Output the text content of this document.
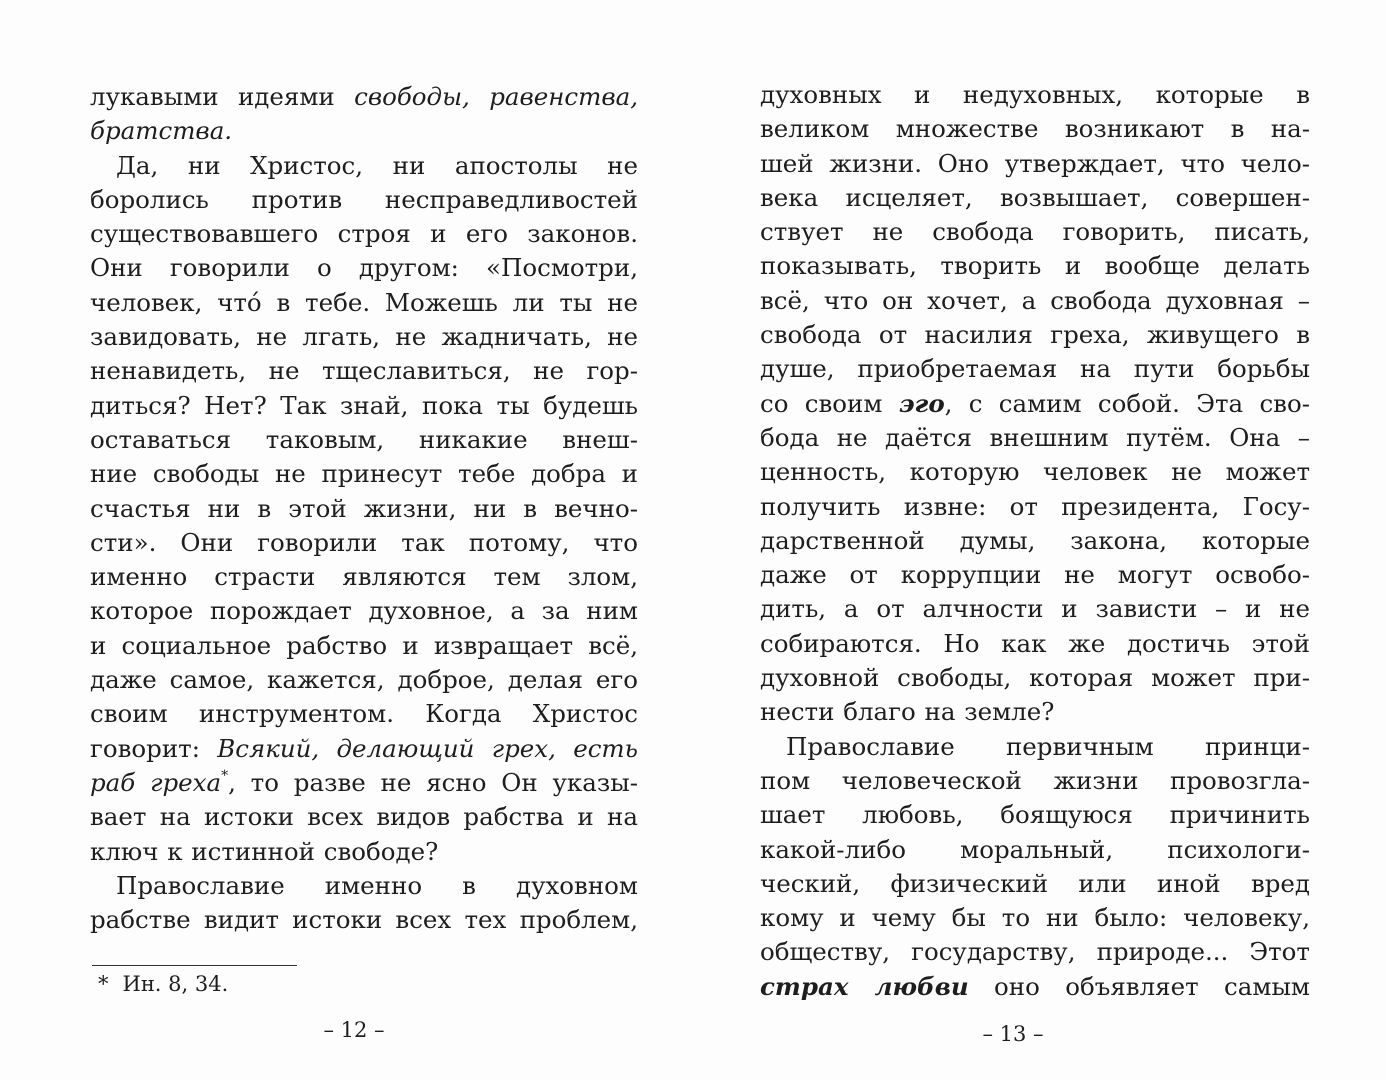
лукавыми идеями свободы, равенства,
братства.
Да, ни Христос, ни апостолы не
боролись против несправедливостей
существовавшего строя и его законов.
Они говорили о другом: «Посмотри,
человек, что́ в тебе. Можешь ли ты не
завидовать, не лгать, не жадничать, не
ненавидеть, не тщеславиться, не гор-
диться? Нет? Так знай, пока ты будешь
оставаться таковым, никакие внеш-
ние свободы не принесут тебе добра и
счастья ни в этой жизни, ни в вечно-
сти». Они говорили так потому, что
именно страсти являются тем злом,
которое порождает духовное, а за ним
и социальное рабство и извращает всё,
даже самое, кажется, доброе, делая его
своим инструментом. Когда Христос
говорит: Всякий, делающий грех, есть
раб греха*, то разве не ясно Он указы-
вает на истоки всех видов рабства и на
ключ к истинной свободе?
Православие именно в духовном
рабстве видит истоки всех тех проблем,
* Ин. 8, 34.
– 12 –
духовных и недуховных, которые в
великом множестве возникают в на-
шей жизни. Оно утверждает, что чело-
века исцеляет, возвышает, совершен-
ствует не свобода говорить, писать,
показывать, творить и вообще делать
всё, что он хочет, а свобода духовная –
свобода от насилия греха, живущего в
душе, приобретаемая на пути борьбы
со своим эго, с самим собой. Эта сво-
бода не даётся внешним путём. Она –
ценность, которую человек не может
получить извне: от президента, Госу-
дарственной думы, закона, которые
даже от коррупции не могут освобо-
дить, а от алчности и зависти – и не
собираются. Но как же достичь этой
духовной свободы, которая может при-
нести благо на земле?
Православие первичным принци-
пом человеческой жизни провозгла-
шает любовь, боящуюся причинить
какой-либо моральный, психологи-
ческий, физический или иной вред
кому и чему бы то ни было: человеку,
обществу, государству, природе... Этот
страх любви оно объявляет самым
– 13 –
